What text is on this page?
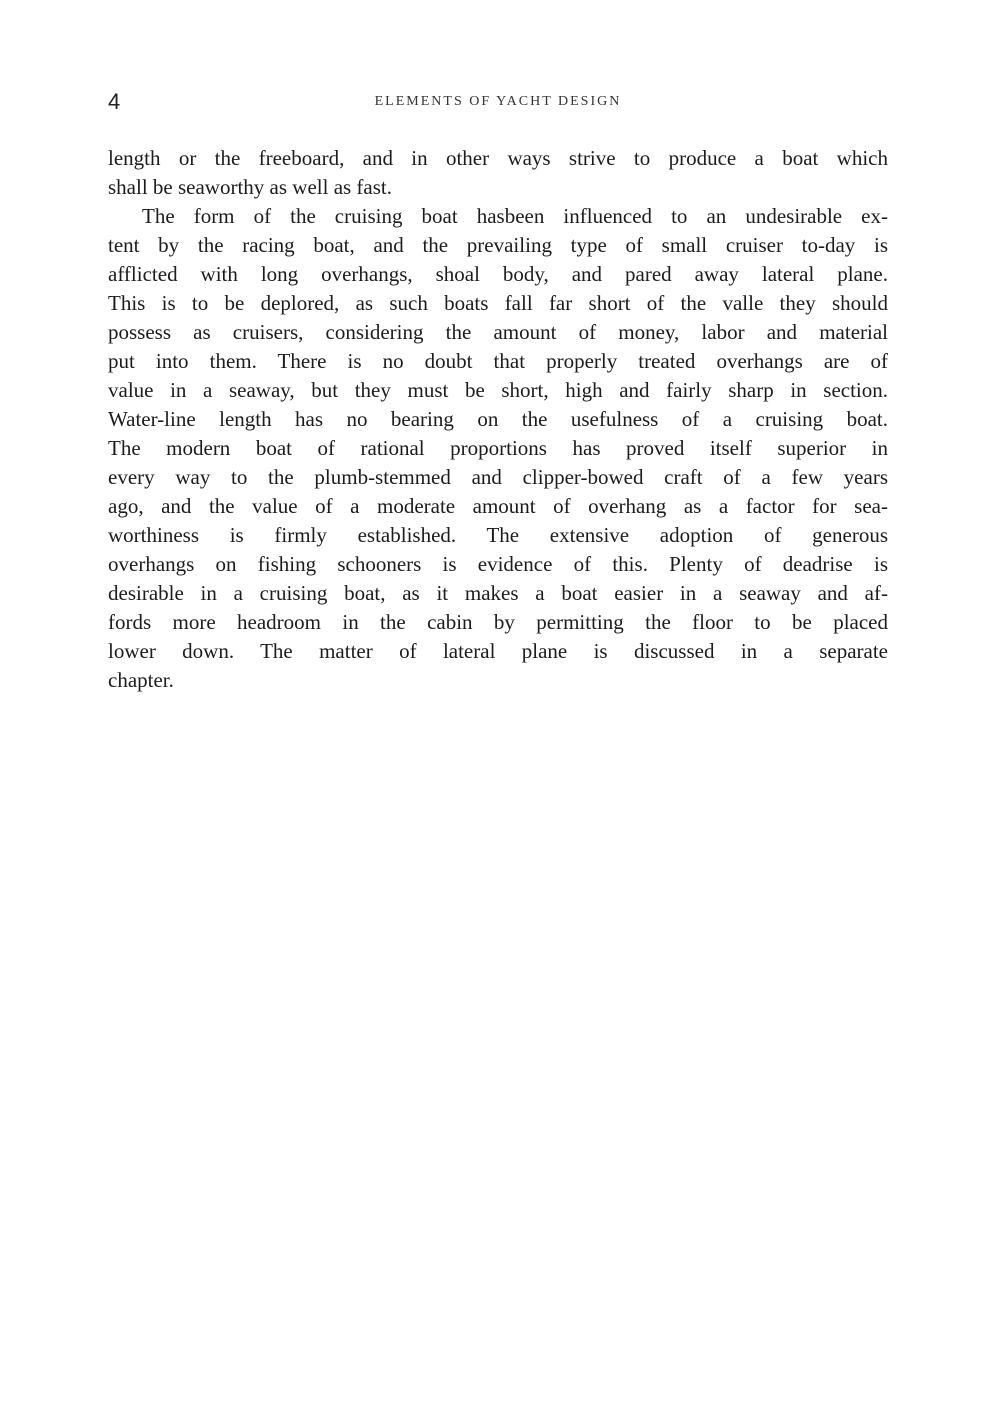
4	ELEMENTS OF YACHT DESIGN
length or the freeboard, and in other ways strive to produce a boat which
shall be seaworthy as well as fast.
The form of the cruising boat hasbeen influenced to an undesirable ex-
tent by the racing boat, and the prevailing type of small cruiser to-day is
afflicted with long overhangs, shoal body, and pared away lateral plane.
This is to be deplored, as such boats fall far short of the valle they should
possess as cruisers, considering the amount of money, labor and material
put into them. There is no doubt that properly treated overhangs are of
value in a seaway, but they must be short, high and fairly sharp in section.
Water-line length has no bearing on the usefulness of a cruising boat.
The modern boat of rational proportions has proved itself superior in
every way to the plumb-stemmed and clipper-bowed craft of a few years
ago, and the value of a moderate amount of overhang as a factor for sea-
worthiness is firmly established. The extensive adoption of generous
overhangs on fishing schooners is evidence of this. Plenty of deadrise is
desirable in a cruising boat, as it makes a boat easier in a seaway and af-
fords more headroom in the cabin by permitting the floor to be placed
lower down. The matter of lateral plane is discussed in a separate
chapter.
